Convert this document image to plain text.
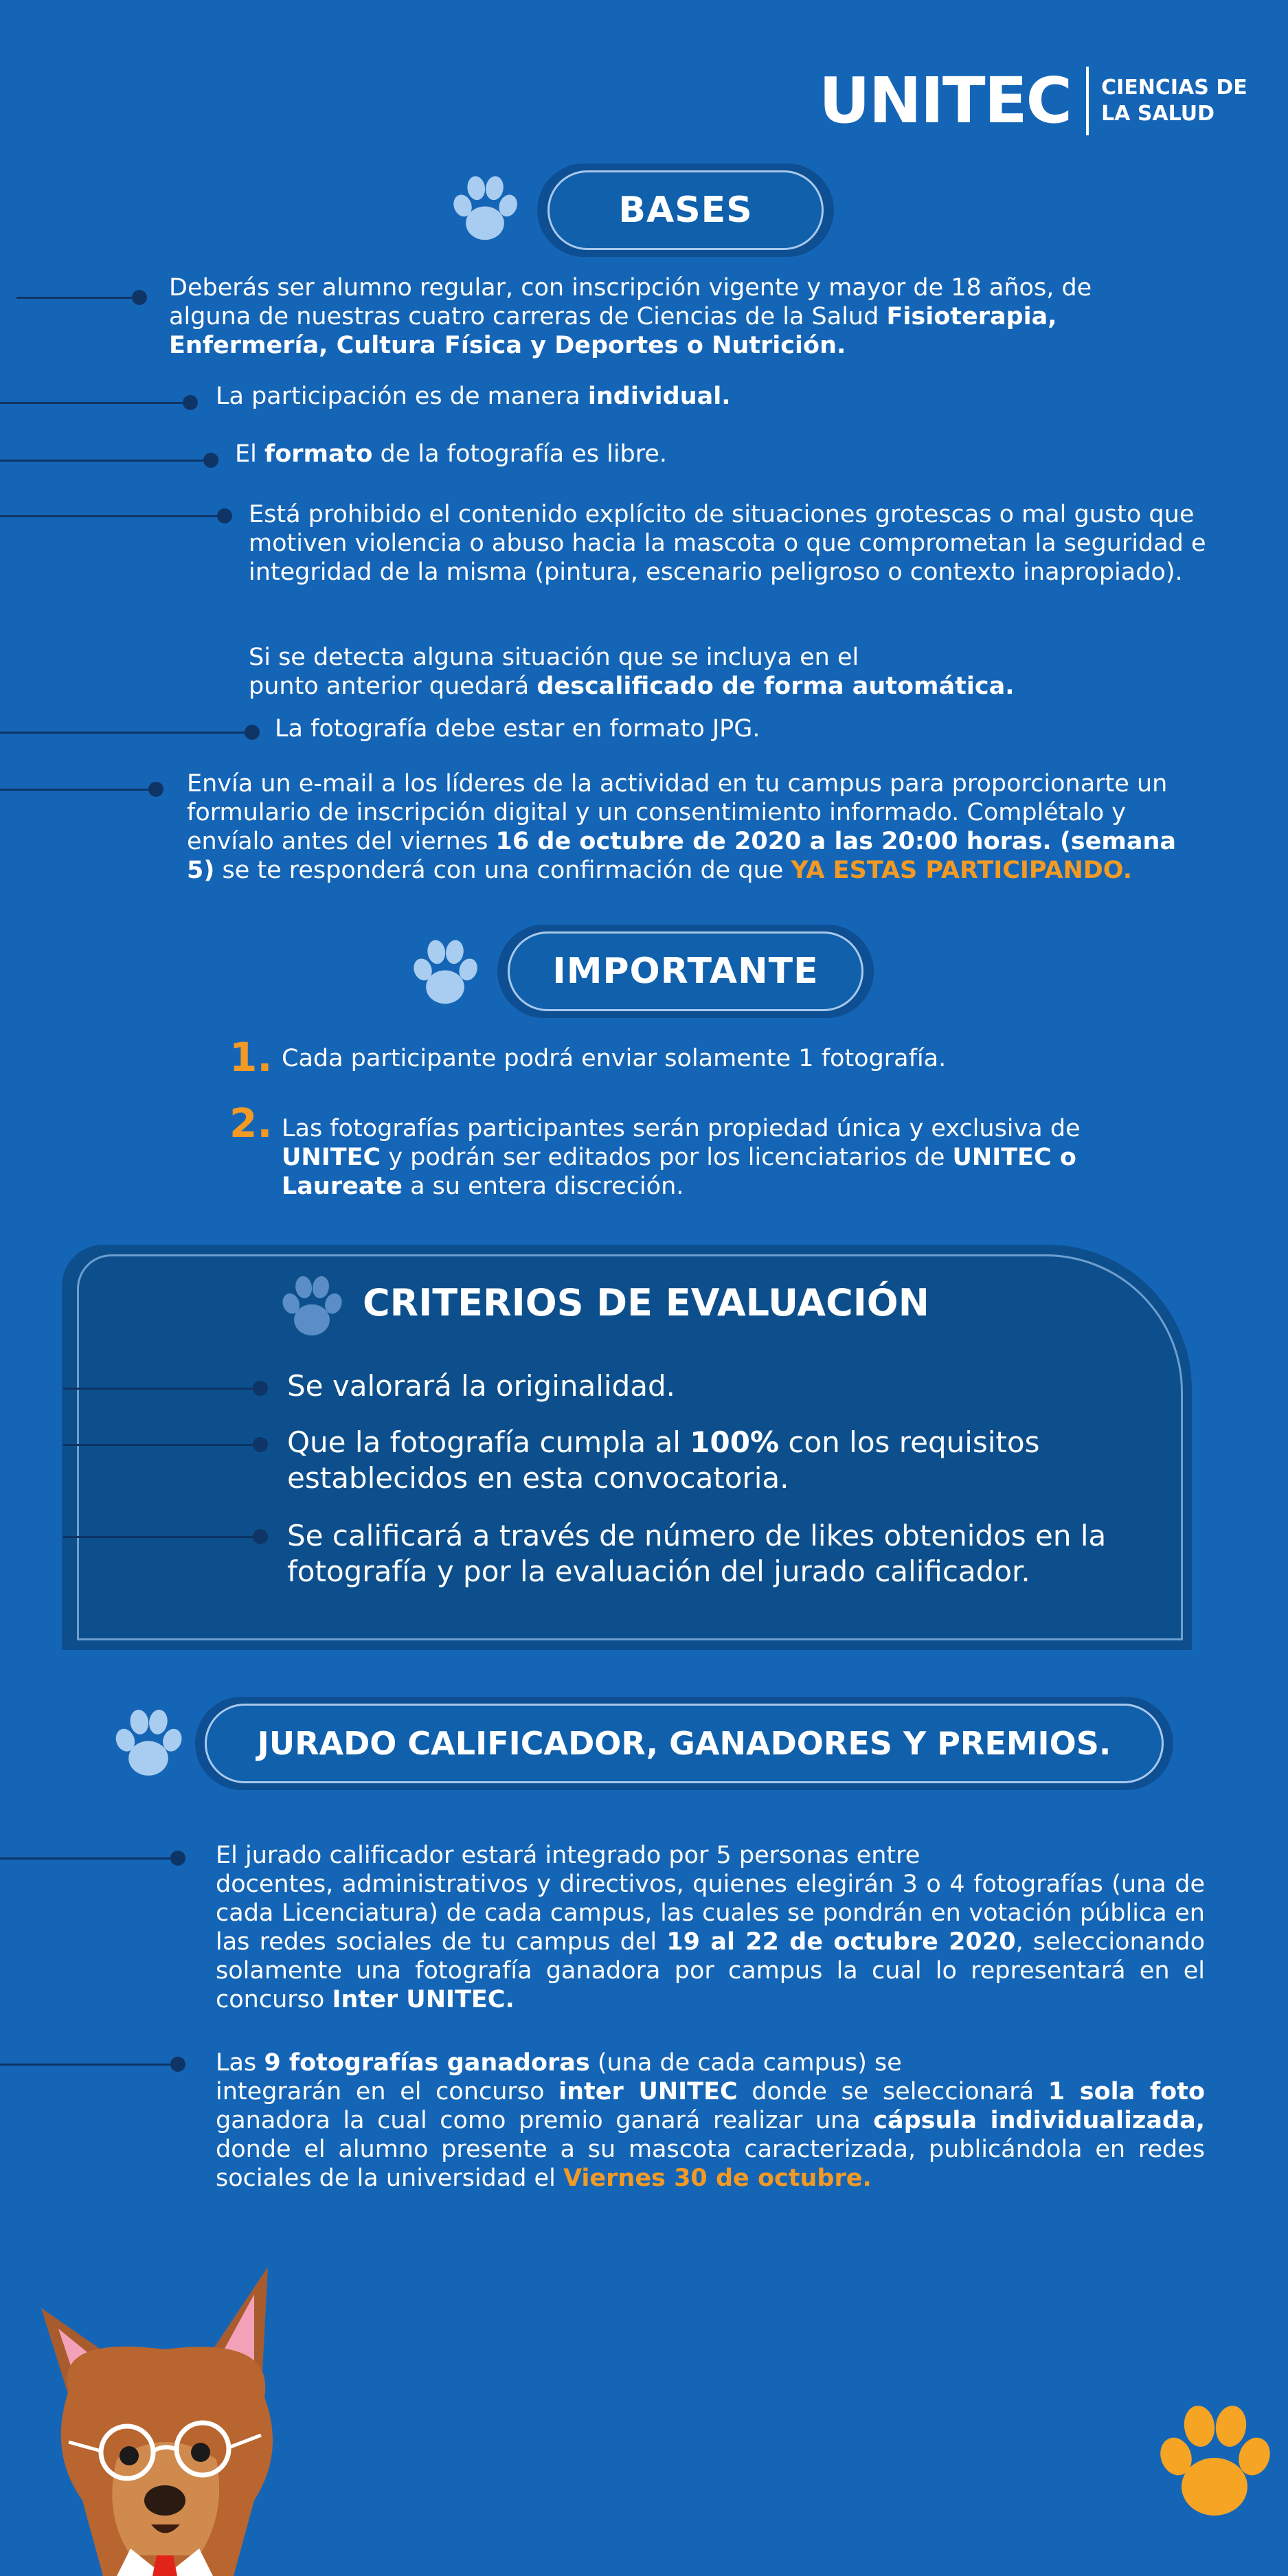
UNITEC CIENCIAS DE
LA SALUD
BASES
Deberás ser alumno regular, con inscripción vigente y mayor de 18 años, de alguna de nuestras cuatro carreras de Ciencias de la Salud Fisioterapia, Enfermería, Cultura Física y Deportes o Nutrición.
La participación es de manera individual.
El formato de la fotografía es libre.
Está prohibido el contenido explícito de situaciones grotescas o mal gusto que motiven violencia o abuso hacia la mascota o que comprometan la seguridad e integridad de la misma (pintura, escenario peligroso o contexto inapropiado).
Si se detecta alguna situación que se incluya en el
punto anterior quedará descalificado de forma automática.
La fotografía debe estar en formato JPG.
Envía un e-mail a los líderes de la actividad en tu campus para proporcionarte un formulario de inscripción digital y un consentimiento informado. Complétalo y envíalo antes del viernes 16 de octubre de 2020 a las 20:00 horas. (semana 5) se te responderá con una confirmación de que YA ESTAS PARTICIPANDO.
IMPORTANTE
1. Cada participante podrá enviar solamente 1 fotografía.
2. Las fotografías participantes serán propiedad única y exclusiva de UNITEC y podrán ser editados por los licenciatarios de UNITEC o Laureate a su entera discreción.
CRITERIOS DE EVALUACIÓN
Se valorará la originalidad.
Que la fotografía cumpla al 100% con los requisitos establecidos en esta convocatoria.
Se calificará a través de número de likes obtenidos en la fotografía y por la evaluación del jurado calificador.
JURADO CALIFICADOR, GANADORES Y PREMIOS.
El jurado calificador estará integrado por 5 personas entre
docentes, administrativos y directivos, quienes elegirán 3 o 4 fotografías (una de cada Licenciatura) de cada campus, las cuales se pondrán en votación pública en las redes sociales de tu campus del 19 al 22 de octubre 2020, seleccionando solamente una fotografía ganadora por campus la cual lo representará en el concurso Inter UNITEC.
Las 9 fotografías ganadoras (una de cada campus) se
integrarán en el concurso inter UNITEC donde se seleccionará 1 sola foto ganadora la cual como premio ganará realizar una cápsula individualizada, donde el alumno presente a su mascota caracterizada, publicándola en redes sociales de la universidad el Viernes 30 de octubre.
